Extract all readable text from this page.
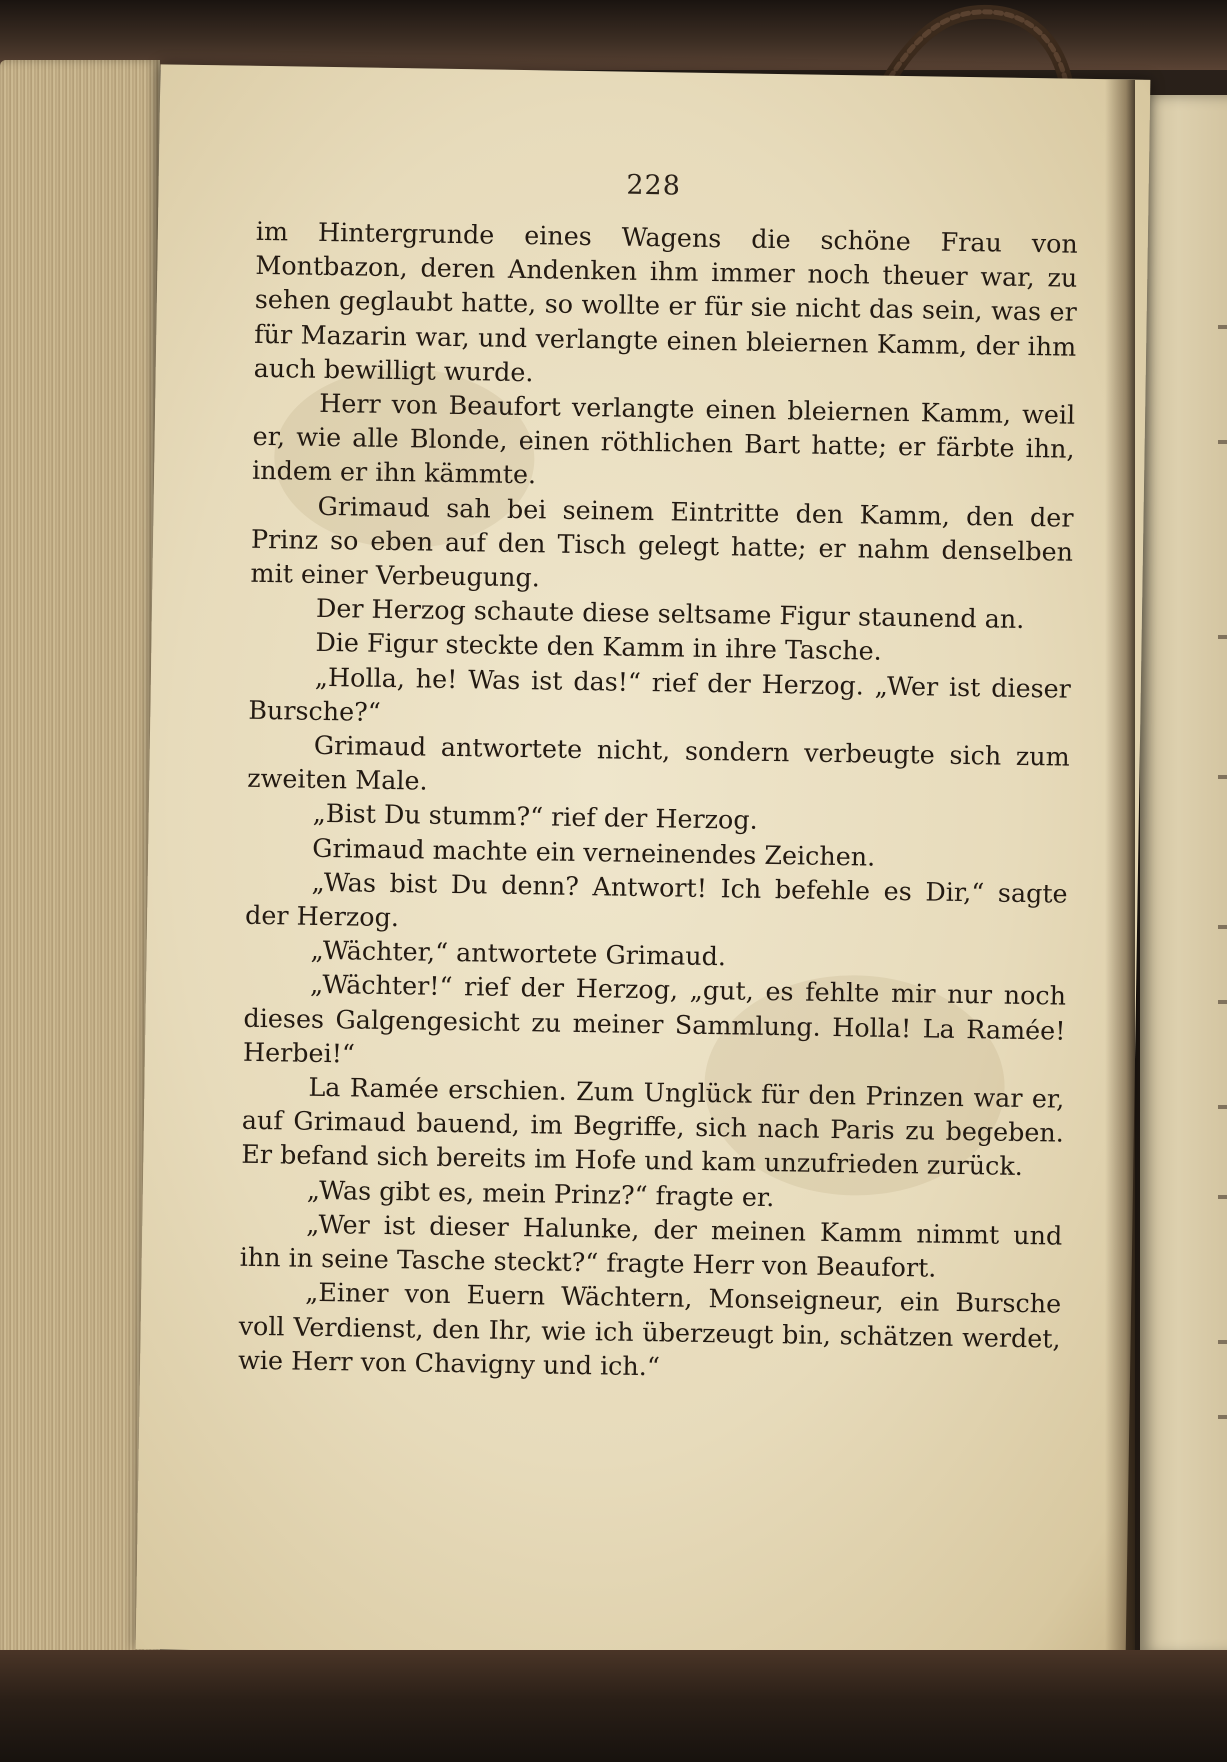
228

im Hintergrunde eines Wagens die schöne Frau von Montbazon, deren Andenken ihm immer noch theuer war, zu sehen geglaubt hatte, so wollte er für sie nicht das sein, was er für Mazarin war, und verlangte einen bleiernen Kamm, der ihm auch bewilligt wurde.

Herr von Beaufort verlangte einen bleiernen Kamm, weil er, wie alle Blonde, einen röthlichen Bart hatte; er färbte ihn, indem er ihn kämmte.

Grimaud sah bei seinem Eintritte den Kamm, den der Prinz so eben auf den Tisch gelegt hatte; er nahm denselben mit einer Verbeugung.

Der Herzog schaute diese seltsame Figur staunend an.

Die Figur steckte den Kamm in ihre Tasche.

„Holla, he! Was ist das!“ rief der Herzog. „Wer ist dieser Bursche?“

Grimaud antwortete nicht, sondern verbeugte sich zum zweiten Male.

„Bist Du stumm?“ rief der Herzog.

Grimaud machte ein verneinendes Zeichen.

„Was bist Du denn? Antwort! Ich befehle es Dir,“ sagte der Herzog.

„Wächter,“ antwortete Grimaud.

„Wächter!“ rief der Herzog, „gut, es fehlte mir nur noch dieses Galgengesicht zu meiner Sammlung. Holla! La Ramée! Herbei!“

La Ramée erschien. Zum Unglück für den Prinzen war er, auf Grimaud bauend, im Begriffe, sich nach Paris zu begeben. Er befand sich bereits im Hofe und kam unzufrieden zurück.

„Was gibt es, mein Prinz?“ fragte er.

„Wer ist dieser Halunke, der meinen Kamm nimmt und ihn in seine Tasche steckt?“ fragte Herr von Beaufort.

„Einer von Euern Wächtern, Monseigneur, ein Bursche voll Verdienst, den Ihr, wie ich überzeugt bin, schätzen werdet, wie Herr von Chavigny und ich.“
